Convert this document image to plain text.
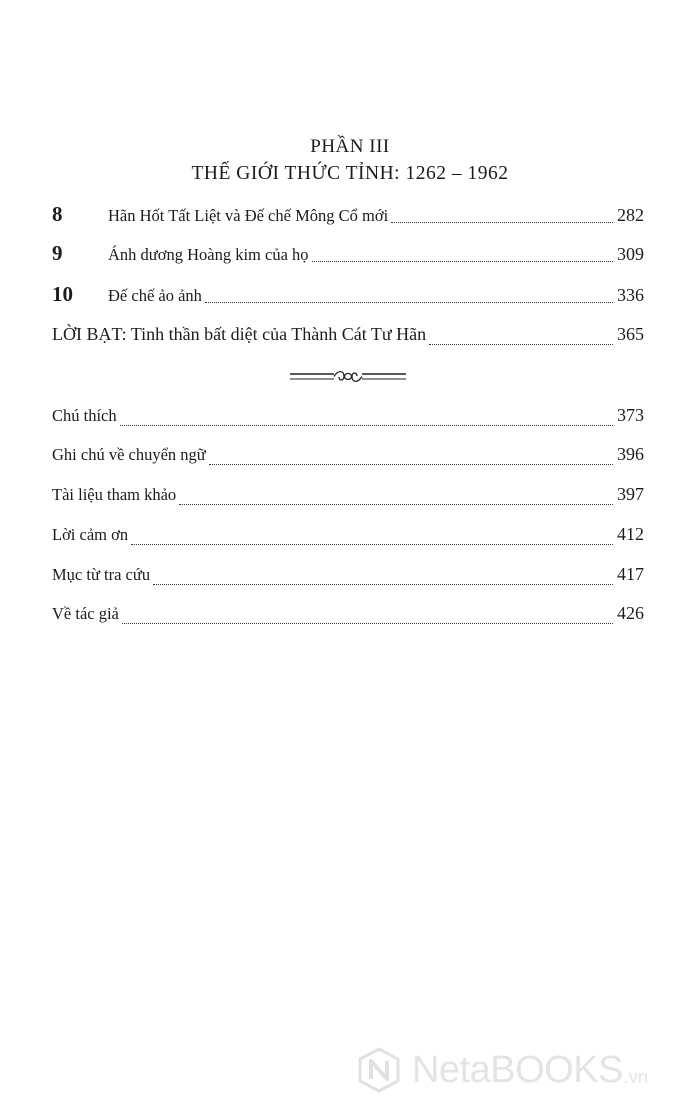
PHẦN III
THẾ GIỚI THỨC TỈNH: 1262 – 1962
8	Hãn Hốt Tất Liệt và Đế chế Mông Cổ mới	282
9	Ánh dương Hoàng kim của họ	309
10	Đế chế ảo ảnh	336
LỜI BẠT: Tinh thần bất diệt của Thành Cát Tư Hãn	365
Chú thích	373
Ghi chú về chuyển ngữ	396
Tài liệu tham khảo	397
Lời cảm ơn	412
Mục từ tra cứu	417
Về tác giả	426
NetaBOOKS .vn
